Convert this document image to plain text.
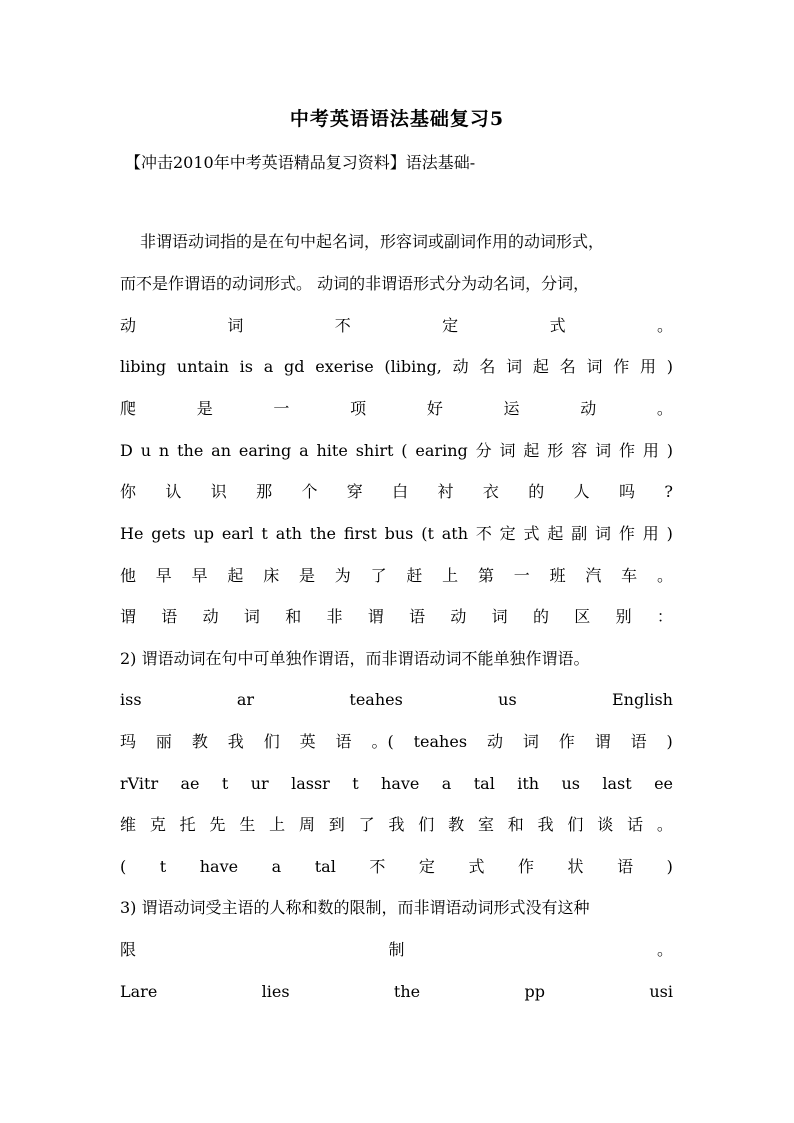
中考英语语法基础复习5
【冲击2010年中考英语精品复习资料】语法基础-
非谓语动词指的是在句中起名词，形容词或副词作用的动词形式，
而不是作谓语的动词形式。 动词的非谓语形式分为动名词，分词，
动	词	不	定	式	。
libing untain is a gd exerise (libing, 动 名 词 起 名 词 作 用 )
爬	是	一	项	好	运	动	。
D u n the an earing a hite shirt ( earing 分 词 起 形 容 词 作 用 )
你 认 识 那 个 穿 白 衬 衣 的 人 吗 ?
He gets up earl t ath the first bus (t ath 不 定 式 起 副 词 作 用 )
他 早 早 起 床 是 为 了 赶 上 第 一 班 汽 车 。
谓 语 动 词 和 非 谓 语 动 词 的 区 别 ：
2) 谓语动词在句中可单独作谓语，而非谓语动词不能单独作谓语。
iss	ar	teahes	us	English
玛 丽 教 我 们 英 语 。( teahes 动 词 作 谓 语 )
rVitr ae t ur lassr t have a tal ith us last ee
维 克 托 先 生 上 周 到 了 我 们 教 室 和 我 们 谈 话 。
( t have a tal 不 定 式 作 状 语 )
3) 谓语动词受主语的人称和数的限制，而非谓语动词形式没有这种
限	制	。
Lare	lies	the	pp	usi
